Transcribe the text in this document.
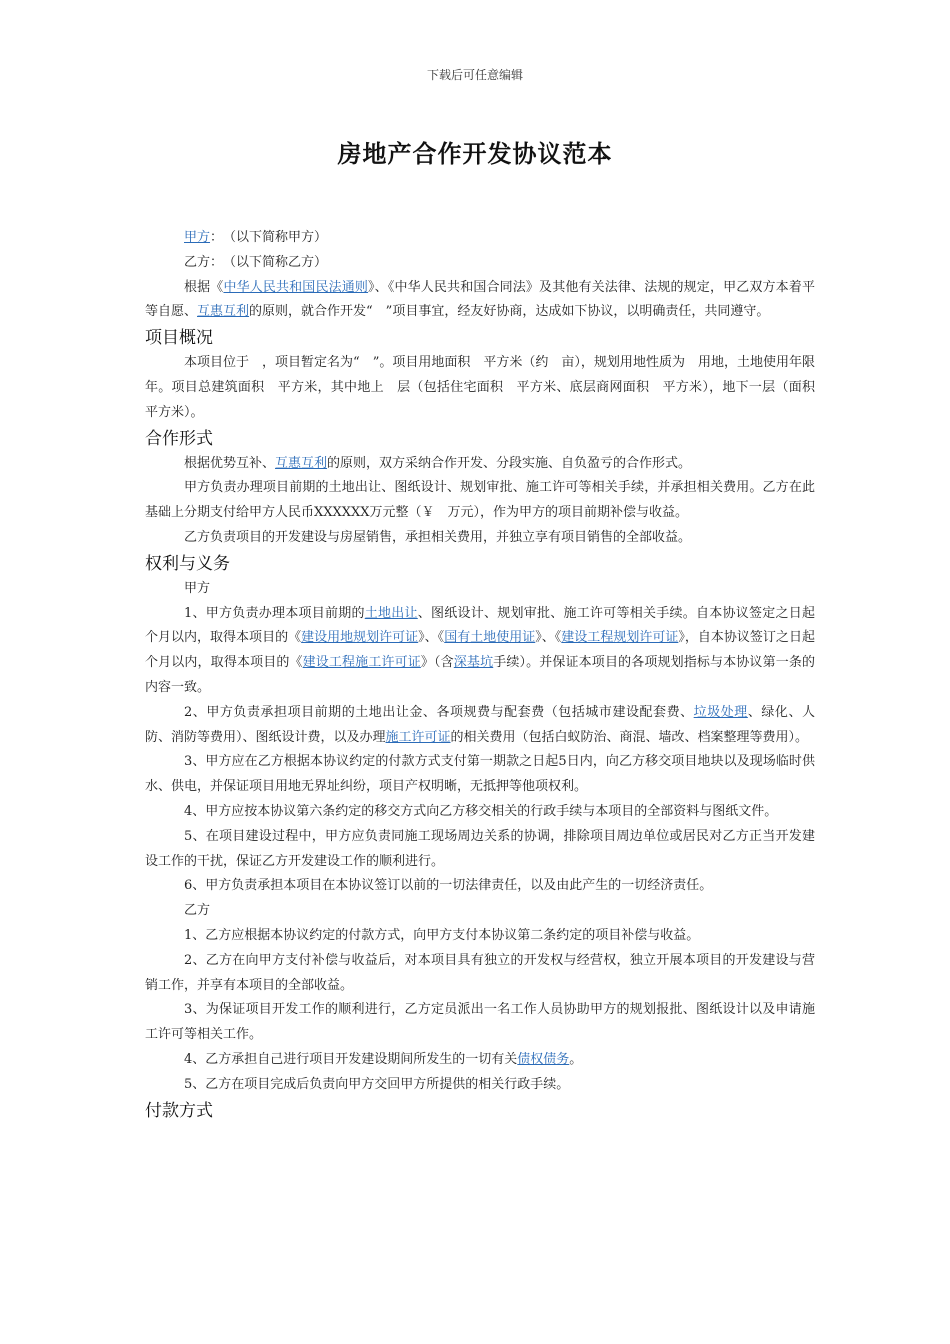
下载后可任意编辑
房地产合作开发协议范本

甲方：　（以下简称甲方）

乙方：　（以下简称乙方）

根据《中华人民共和国民法通则》、《中华人民共和国合同法》及其他有关法律、法规的规定，甲乙双方本着平等自愿、互惠互利的原则，就合作开发“　”项目事宜，经友好协商，达成如下协议，以明确责任，共同遵守。

项目概况

本项目位于　，项目暂定名为“　”。项目用地面积　平方米（约　亩），规划用地性质为　用地，土地使用年限　年。项目总建筑面积　平方米，其中地上　层（包括住宅面积　平方米、底层商网面积　平方米），地下一层（面积　平方米）。

合作形式

根据优势互补、互惠互利的原则，双方采纳合作开发、分段实施、自负盈亏的合作形式。

甲方负责办理项目前期的土地出让、图纸设计、规划审批、施工许可等相关手续，并承担相关费用。乙方在此基础上分期支付给甲方人民币XXXXXX万元整（￥　万元），作为甲方的项目前期补偿与收益。

乙方负责项目的开发建设与房屋销售，承担相关费用，并独立享有项目销售的全部收益。

权利与义务

甲方

1、甲方负责办理本项目前期的土地出让、图纸设计、规划审批、施工许可等相关手续。自本协议签定之日起　个月以内，取得本项目的《建设用地规划许可证》、《国有土地使用证》、《建设工程规划许可证》，自本协议签订之日起　个月以内，取得本项目的《建设工程施工许可证》（含深基坑手续）。并保证本项目的各项规划指标与本协议第一条的内容一致。

2、甲方负责承担项目前期的土地出让金、各项规费与配套费（包括城市建设配套费、垃圾处理、绿化、人防、消防等费用）、图纸设计费，以及办理施工许可证的相关费用（包括白蚁防治、商混、墙改、档案整理等费用）。

3、甲方应在乙方根据本协议约定的付款方式支付第一期款之日起5日内，向乙方移交项目地块以及现场临时供水、供电，并保证项目用地无界址纠纷，项目产权明晰，无抵押等他项权利。

4、甲方应按本协议第六条约定的移交方式向乙方移交相关的行政手续与本项目的全部资料与图纸文件。

5、在项目建设过程中，甲方应负责同施工现场周边关系的协调，排除项目周边单位或居民对乙方正当开发建设工作的干扰，保证乙方开发建设工作的顺利进行。

6、甲方负责承担本项目在本协议签订以前的一切法律责任，以及由此产生的一切经济责任。

乙方

1、乙方应根据本协议约定的付款方式，向甲方支付本协议第二条约定的项目补偿与收益。

2、乙方在向甲方支付补偿与收益后，对本项目具有独立的开发权与经营权，独立开展本项目的开发建设与营销工作，并享有本项目的全部收益。

3、为保证项目开发工作的顺利进行，乙方定员派出一名工作人员协助甲方的规划报批、图纸设计以及申请施工许可等相关工作。

4、乙方承担自己进行项目开发建设期间所发生的一切有关债权债务。

5、乙方在项目完成后负责向甲方交回甲方所提供的相关行政手续。

付款方式
